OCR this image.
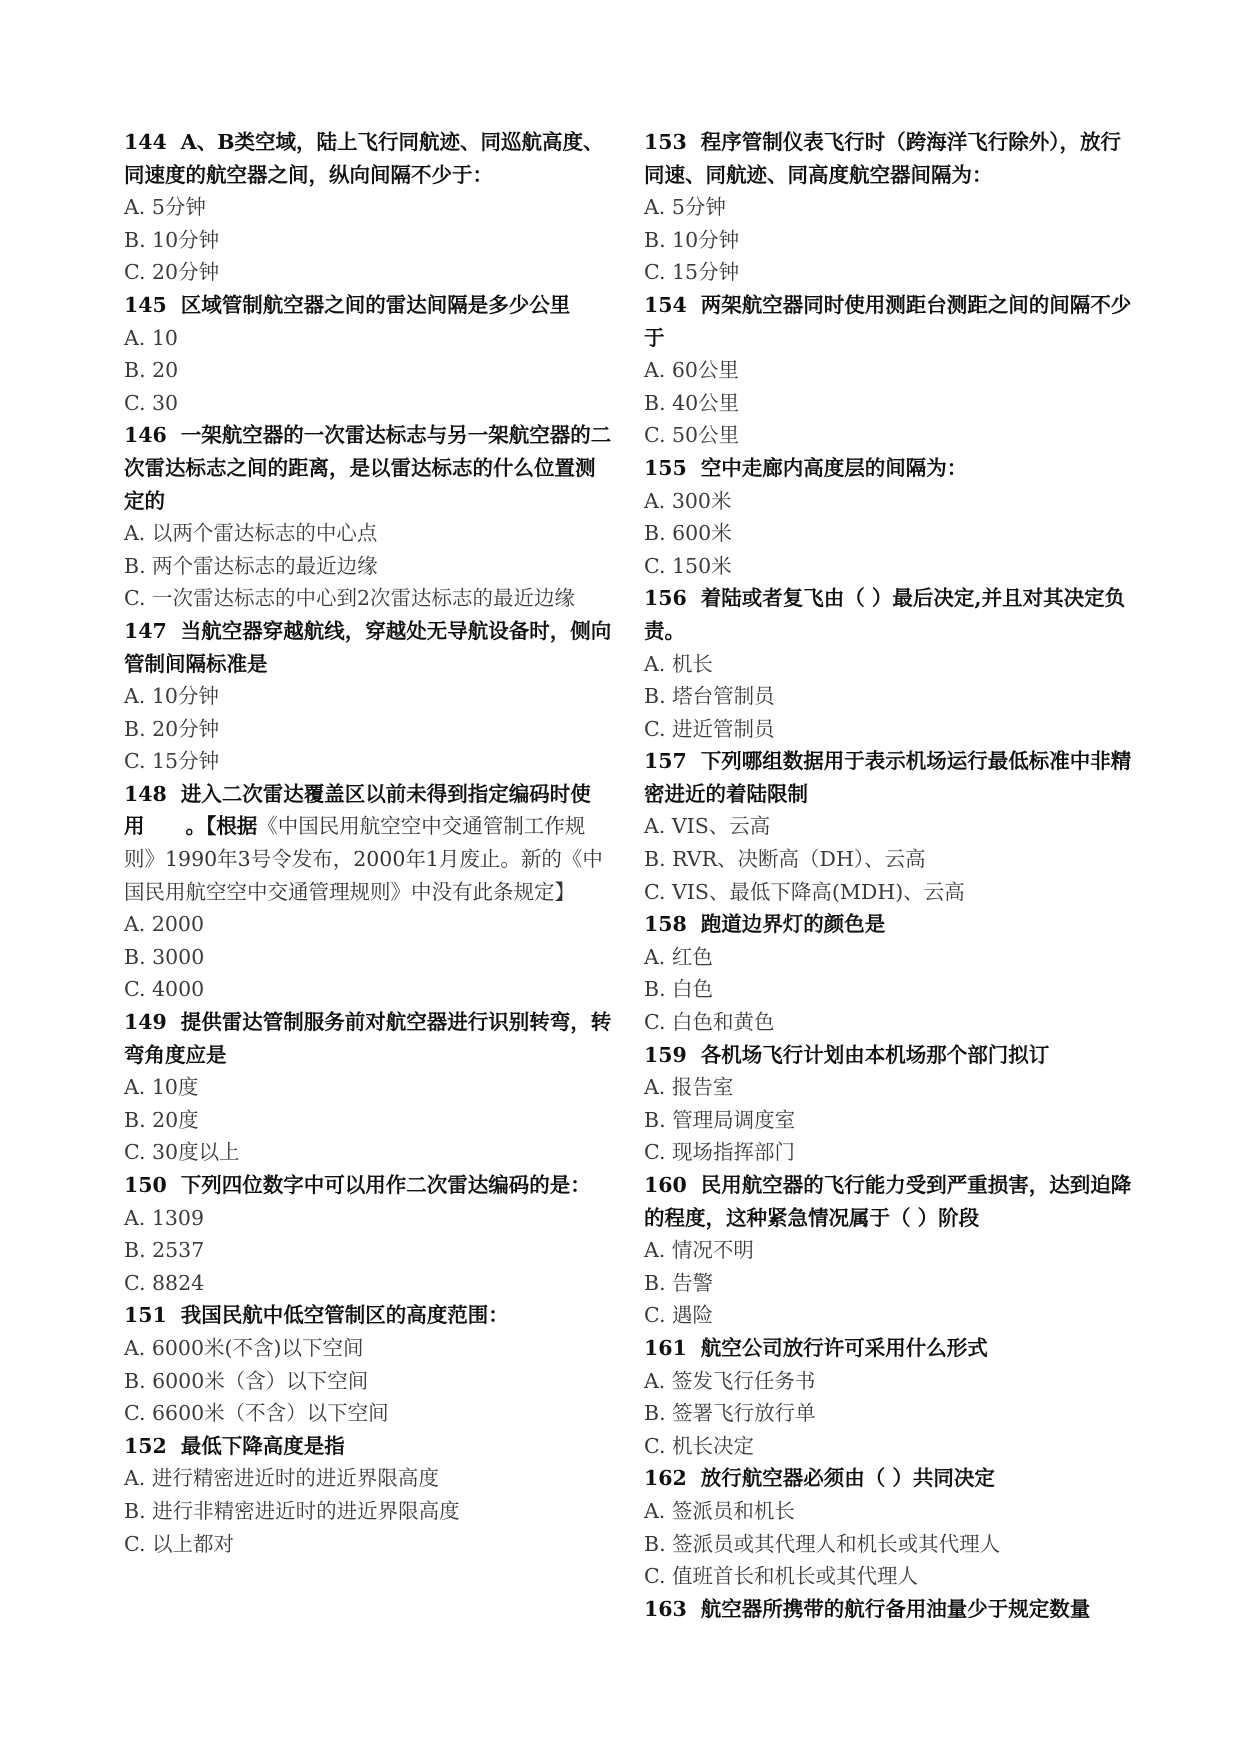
144 A、B类空域，陆上飞行同航迹、同巡航高度、同速度的航空器之间，纵向间隔不少于：

A. 5分钟

B. 10分钟

C. 20分钟

145 区域管制航空器之间的雷达间隔是多少公里

A. 10

B. 20

C. 30

146 一架航空器的一次雷达标志与另一架航空器的二次雷达标志之间的距离，是以雷达标志的什么位置测定的

A. 以两个雷达标志的中心点

B. 两个雷达标志的最近边缘

C. 一次雷达标志的中心到2次雷达标志的最近边缘

147 当航空器穿越航线，穿越处无导航设备时，侧向管制间隔标准是

A. 10分钟

B. 20分钟

C. 15分钟

148 进入二次雷达覆盖区以前未得到指定编码时使用　　。【根据《中国民用航空空中交通管制工作规则》1990年3号令发布，2000年1月废止。新的《中国民用航空空中交通管理规则》中没有此条规定】

A. 2000

B. 3000

C. 4000

149 提供雷达管制服务前对航空器进行识别转弯，转弯角度应是

A. 10度

B. 20度

C. 30度以上

150 下列四位数字中可以用作二次雷达编码的是：

A. 1309

B. 2537

C. 8824

151 我国民航中低空管制区的高度范围：

A. 6000米(不含)以下空间

B. 6000米（含）以下空间

C. 6600米（不含）以下空间

152 最低下降高度是指

A. 进行精密进近时的进近界限高度

B. 进行非精密进近时的进近界限高度

C. 以上都对

153 程序管制仪表飞行时（跨海洋飞行除外），放行同速、同航迹、同高度航空器间隔为：

A. 5分钟

B. 10分钟

C. 15分钟

154 两架航空器同时使用测距台测距之间的间隔不少于

A. 60公里

B. 40公里

C. 50公里

155 空中走廊内高度层的间隔为：

A. 300米

B. 600米

C. 150米

156 着陆或者复飞由（ ）最后决定,并且对其决定负责。

A. 机长

B. 塔台管制员

C. 进近管制员

157 下列哪组数据用于表示机场运行最低标准中非精密进近的着陆限制

A. VIS、云高

B. RVR、决断高（DH）、云高

C. VIS、最低下降高(MDH)、云高

158 跑道边界灯的颜色是

A. 红色

B. 白色

C. 白色和黄色

159 各机场飞行计划由本机场那个部门拟订

A. 报告室

B. 管理局调度室

C. 现场指挥部门

160 民用航空器的飞行能力受到严重损害，达到迫降的程度，这种紧急情况属于（ ）阶段

A. 情况不明

B. 告警

C. 遇险

161 航空公司放行许可采用什么形式

A. 签发飞行任务书

B. 签署飞行放行单

C. 机长决定

162 放行航空器必须由（ ）共同决定

A. 签派员和机长

B. 签派员或其代理人和机长或其代理人

C. 值班首长和机长或其代理人

163 航空器所携带的航行备用油量少于规定数量
